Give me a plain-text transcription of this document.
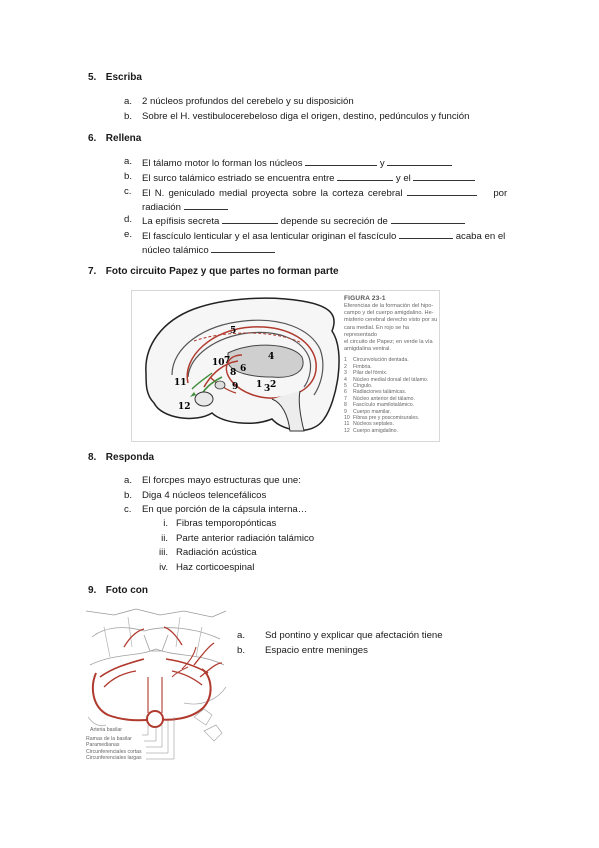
5. Escriba
a. 2 núcleos profundos del cerebelo y su disposición
b. Sobre el H. vestibulocerebeloso diga el origen, destino, pedúnculos y función
6. Rellena
a. El tálamo motor lo forman los núcleos	y
b. El surco talámico estriado se encuentra entre	y el
c. El N. geniculado medial proyecta sobre la corteza cerebral	por
radiación
d. La epífisis secreta	depende su secreción de
e. El fascículo lenticular y el asa lenticular originan el fascículo	acaba en el
núcleo talámico
7. Foto circuito Papez y que partes no forman parte
5
6
7	4
10
8
1 3 2
9
11
12
FIGURA 23-1
Eferencias de la formación del hipo-
campo y del cuerpo amigdalino. He-
misferio cerebral derecho visto por su
cara medial. En rojo se ha representado
el circuito de Papez; en verde la vía
amigdalina ventral.
1 Circunvolución dentada.
2 Fimbria.
3 Pilar del fórnix.
4 Núcleo medial dorsal del tálamo.
5 Cíngulo.
6 Radiaciones talámicas.
7 Núcleo anterior del tálamo.
8 Fascículo mamilotalámico.
9 Cuerpo mamilar.
10 Fibras pre y poscomisurales.
11 Núcleos septales.
12 Cuerpo amigdalino.
8. Responda
a. El forcpes mayo estructuras que une:
b. Diga 4 núcleos telencefálicos
c. En que porción de la cápsula interna…
i. Fibras temporopónticas
ii. Parte anterior radiación talámico
iii. Radiación acústica
iv. Haz corticoespinal
9. Foto con
Arteria basilar
Ramas de la basilar
Paramedianas
Circunferenciales cortas
Circunferenciales largas
a. Sd pontino y explicar que afectación tiene
b. Espacio entre meninges
